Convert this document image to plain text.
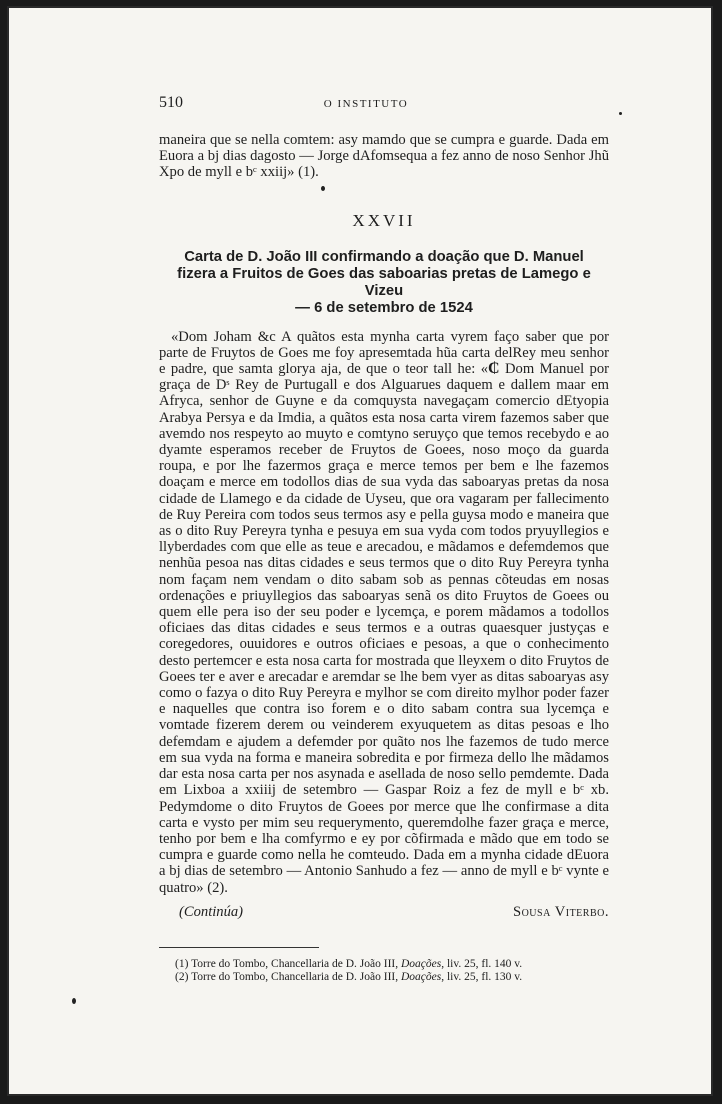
510	O INSTITUTO

maneira que se nella comtem: asy mamdo que se cumpra e guarde. Dada em Euora a bj dias dagosto — Jorge dAfomsequa a fez anno de noso Senhor Jhũ Xpo de myll e bᶜ xxiij» (1).

XXVII
Carta de D. João III confirmando a doação que D. Manuel
fizera a Fruitos de Goes das saboarias pretas de Lamego e Vizeu
— 6 de setembro de 1524

«Dom Joham &c A quãtos esta mynha carta vyrem faço saber que por parte de Fruytos de Goes me foy apresemtada hũa carta delRey meu senhor e padre, que samta glorya aja, de que o teor tall he: «₵ Dom Manuel por graça de Dˢ Rey de Purtugall e dos Alguarues daquem e dallem maar em Afryca, senhor de Guyne e da comquysta navegaçam comercio dEtyopia Arabya Persya e da Imdia, a quãtos esta nosa carta virem fazemos saber que avemdo nos respeyto ao muyto e comtyno seruyço que temos recebydo e ao dyamte esperamos receber de Fruytos de Goees, noso moço da guarda roupa, e por lhe fazermos graça e merce temos per bem e lhe fazemos doaçam e merce em todollos dias de sua vyda das saboaryas pretas da nosa cidade de Llamego e da cidade de Uyseu, que ora vagaram per fallecimento de Ruy Pereira com todos seus termos asy e pella guysa modo e maneira que as o dito Ruy Pereyra tynha e pesuya em sua vyda com todos pryuyllegios e llyberdades com que elle as teue e arecadou, e mãdamos e defemdemos que nenhũa pesoa nas ditas cidades e seus termos que o dito Ruy Pereyra tynha nom façam nem vendam o dito sabam sob as pennas cõteudas em nosas ordenações e priuyllegios das saboaryas senã os dito Fruytos de Goees ou quem elle pera iso der seu poder e lycemça, e porem mãdamos a todollos oficiaes das ditas cidades e seus termos e a outras quaesquer justyças e coregedores, ouuidores e outros oficiaes e pesoas, a que o conhecimento desto pertemcer e esta nosa carta for mostrada que lleyxem o dito Fruytos de Goees ter e aver e arecadar e aremdar se lhe bem vyer as ditas saboaryas asy como o fazya o dito Ruy Pereyra e mylhor se com direito mylhor poder fazer e naquelles que contra iso forem e o dito sabam contra sua lycemça e vomtade fizerem derem ou veinderem exyuquetem as ditas pesoas e lho defemdam e ajudem a defemder por quãto nos lhe fazemos de tudo merce em sua vyda na forma e maneira sobredita e por firmeza dello lhe mãdamos dar esta nosa carta per nos asynada e asellada de noso sello pemdemte. Dada em Lixboa a xxiiij de setembro — Gaspar Roiz a fez de myll e bᶜ xb. Pedymdome o dito Fruytos de Goees por merce que lhe confirmase a dita carta e vysto per mim seu requerymento, queremdolhe fazer graça e merce, tenho por bem e lha comfyrmo e ey por cõfirmada e mãdo que em todo se cumpra e guarde como nella he comteudo. Dada em a mynha cidade dEuora a bj dias de setembro — Antonio Sanhudo a fez — anno de myll e bᶜ vynte e quatro» (2).

(Continúa)	Sousa Viterbo.
(1) Torre do Tombo, Chancellaria de D. João III, Doações, liv. 25, fl. 140 v.
(2) Torre do Tombo, Chancellaria de D. João III, Doações, liv. 25, fl. 130 v.
